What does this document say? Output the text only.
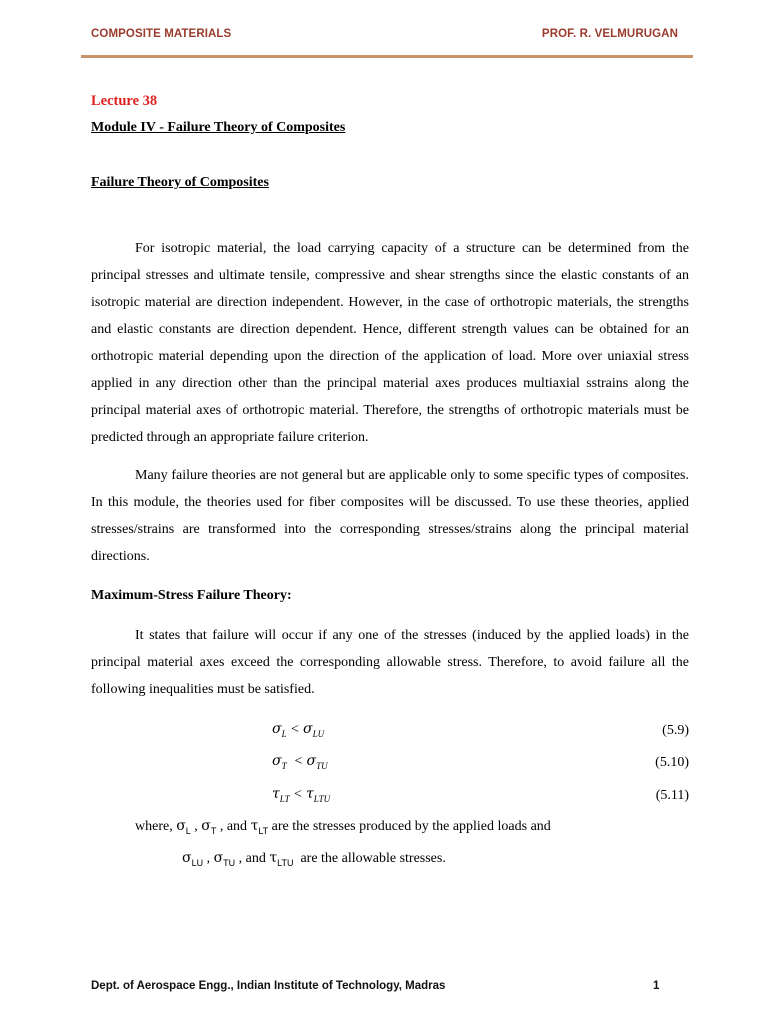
COMPOSITE MATERIALS	PROF. R. VELMURUGAN
Lecture 38
Module IV - Failure Theory of Composites
Failure Theory of Composites
For isotropic material, the load carrying capacity of a structure can be determined from the principal stresses and ultimate tensile, compressive and shear strengths since the elastic constants of an isotropic material are direction independent. However, in the case of orthotropic materials, the strengths and elastic constants are direction dependent. Hence, different strength values can be obtained for an orthotropic material depending upon the direction of the application of load. More over uniaxial stress applied in any direction other than the principal material axes produces multiaxial sstrains along the principal material axes of orthotropic material. Therefore, the strengths of orthotropic materials must be predicted through an appropriate failure criterion.
Many failure theories are not general but are applicable only to some specific types of composites. In this module, the theories used for fiber composites will be discussed. To use these theories, applied stresses/strains are transformed into the corresponding stresses/strains along the principal material directions.
Maximum-Stress Failure Theory:
It states that failure will occur if any one of the stresses (induced by the applied loads) in the principal material axes exceed the corresponding allowable stress. Therefore, to avoid failure all the following inequalities must be satisfied.
$\sigma_L < \sigma_{LU}$	(5.9)
$\sigma_T < \sigma_{TU}$	(5.10)
$\tau_{LT} < \tau_{LTU}$	(5.11)
where, $\sigma_L$ , $\sigma_T$ , and $\tau_{LT}$ are the stresses produced by the applied loads and
$\sigma_{LU}$ , $\sigma_{TU}$ , and $\tau_{LTU}$  are the allowable stresses.
Dept. of Aerospace Engg., Indian Institute of Technology, Madras	1
